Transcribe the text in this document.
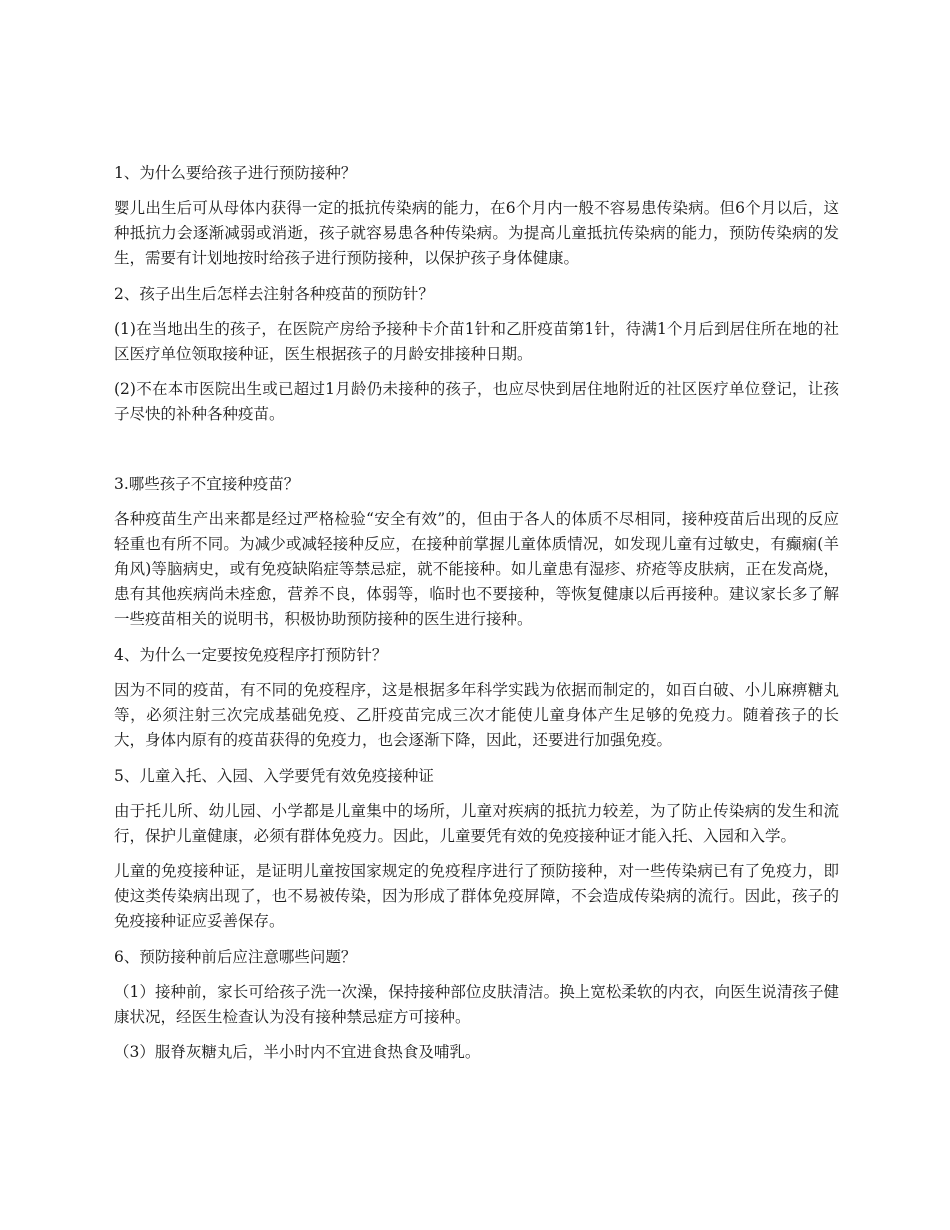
1、为什么要给孩子进行预防接种？

婴儿出生后可从母体内获得一定的抵抗传染病的能力，在6个月内一般不容易患传染病。但6个月以后，这种抵抗力会逐渐减弱或消逝，孩子就容易患各种传染病。为提高儿童抵抗传染病的能力，预防传染病的发生，需要有计划地按时给孩子进行预防接种，以保护孩子身体健康。

2、孩子出生后怎样去注射各种疫苗的预防针？

(1)在当地出生的孩子，在医院产房给予接种卡介苗1针和乙肝疫苗第1针，待满1个月后到居住所在地的社区医疗单位领取接种证，医生根据孩子的月龄安排接种日期。

(2)不在本市医院出生或已超过1月龄仍未接种的孩子，也应尽快到居住地附近的社区医疗单位登记，让孩子尽快的补种各种疫苗。

3.哪些孩子不宜接种疫苗？

各种疫苗生产出来都是经过严格检验“安全有效”的，但由于各人的体质不尽相同，接种疫苗后出现的反应轻重也有所不同。为减少或减轻接种反应，在接种前掌握儿童体质情况，如发现儿童有过敏史，有癫痫(羊角风)等脑病史，或有免疫缺陷症等禁忌症，就不能接种。如儿童患有湿疹、疥疮等皮肤病，正在发高烧，患有其他疾病尚未痊愈，营养不良，体弱等，临时也不要接种，等恢复健康以后再接种。建议家长多了解一些疫苗相关的说明书，积极协助预防接种的医生进行接种。

4、为什么一定要按免疫程序打预防针？

因为不同的疫苗，有不同的免疫程序，这是根据多年科学实践为依据而制定的，如百白破、小儿麻痹糖丸等，必须注射三次完成基础免疫、乙肝疫苗完成三次才能使儿童身体产生足够的免疫力。随着孩子的长大，身体内原有的疫苗获得的免疫力，也会逐渐下降，因此，还要进行加强免疫。

5、儿童入托、入园、入学要凭有效免疫接种证

由于托儿所、幼儿园、小学都是儿童集中的场所，儿童对疾病的抵抗力较差，为了防止传染病的发生和流行，保护儿童健康，必须有群体免疫力。因此，儿童要凭有效的免疫接种证才能入托、入园和入学。

儿童的免疫接种证，是证明儿童按国家规定的免疫程序进行了预防接种，对一些传染病已有了免疫力，即使这类传染病出现了，也不易被传染，因为形成了群体免疫屏障，不会造成传染病的流行。因此，孩子的免疫接种证应妥善保存。

6、预防接种前后应注意哪些问题？

（1）接种前，家长可给孩子洗一次澡，保持接种部位皮肤清洁。换上宽松柔软的内衣，向医生说清孩子健康状况，经医生检查认为没有接种禁忌症方可接种。

（3）服脊灰糖丸后，半小时内不宜进食热食及哺乳。
